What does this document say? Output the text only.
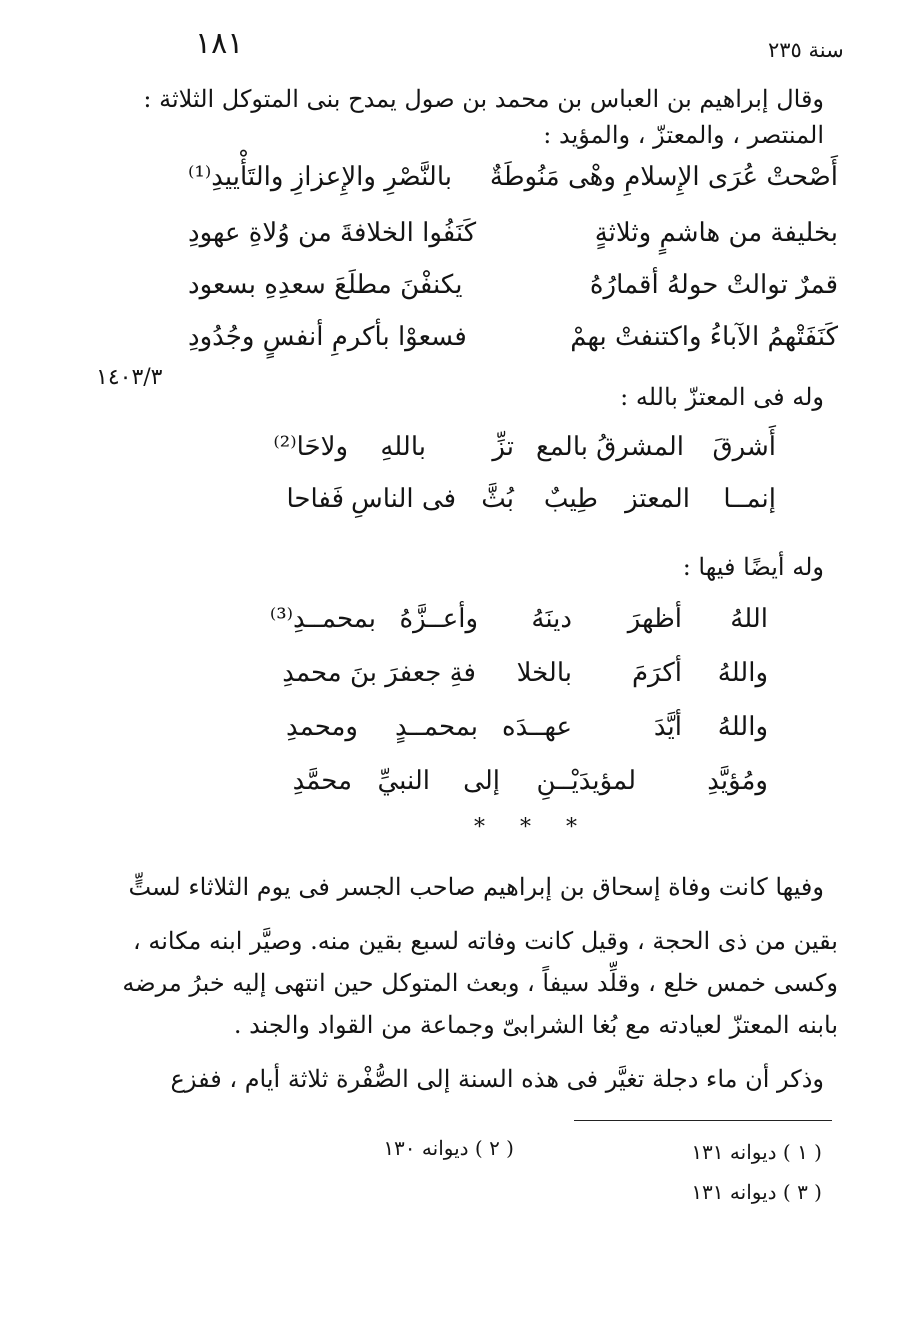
١٨١	سنة ٢٣٥
١٤٠٣/٣
وقال إبراهيم بن العباس بن محمد بن صول يمدح بنى المتوكل الثلاثة :
المنتصر ، والمعتزّ ، والمؤيد :
أَصْحتْ عُرَى الإِسلامِ وهْى مَنُوطَةٌ
بالنَّصْرِ والإِعزازِ والتَأْييدِ⁽¹⁾
بخليفة من هاشمٍ وثلاثةٍ
كَنَفُوا الخلافةَ من وُلاةِ عهودِ
قمرٌ توالتْ حولهُ أقمارُهُ
يكنفْنَ مطلَعَ سعدِهِ بسعود
كَنَفَتْهمُ الآباءُ واكتنفتْ بهمْ
فسعوْا بأكرمِ أنفسٍ وجُدُودِ
وله فى المعتزّ بالله :
أَشرقَ
المشرقُ
بالمع
تزِّ
باللهِ
ولاحَا⁽²⁾
إنمــا
المعتز
طِيبٌ
بُثَّ
فى الناسِ
فَفاحا
وله أيضًا فيها :
اللهُ
أظهرَ
دينَهُ
وأعــزَّهُ
بمحمــدِ⁽³⁾
واللهُ
أكرَمَ
بالخلا
فةِ جعفرَ بنَ محمدِ
واللهُ
أيَّدَ
عهــدَه
بمحمــدٍ
ومحمدِ
ومُؤيَّدِ
لمؤيدَيْــنِ
إلى
النبيِّ
محمَّدِ
* * *
وفيها كانت وفاة إسحاق بن إبراهيم صاحب الجسر فى يوم الثلاثاء لستٍّ
بقين من ذى الحجة ، وقيل كانت وفاته لسبع بقين منه. وصيَّر ابنه مكانه ،
وكسى خمس خلع ، وقلِّد سيفاً ، وبعث المتوكل حين انتهى إليه خبرُ مرضه
بابنه المعتزّ لعيادته مع بُغا الشرابىّ وجماعة من القواد والجند .
وذكر أن ماء دجلة تغيَّر فى هذه السنة إلى الصُّفْرة ثلاثة أيام ، ففزع
( ١ ) ديوانه ١٣١
( ٢ ) ديوانه ١٣٠
( ٣ ) ديوانه ١٣١
